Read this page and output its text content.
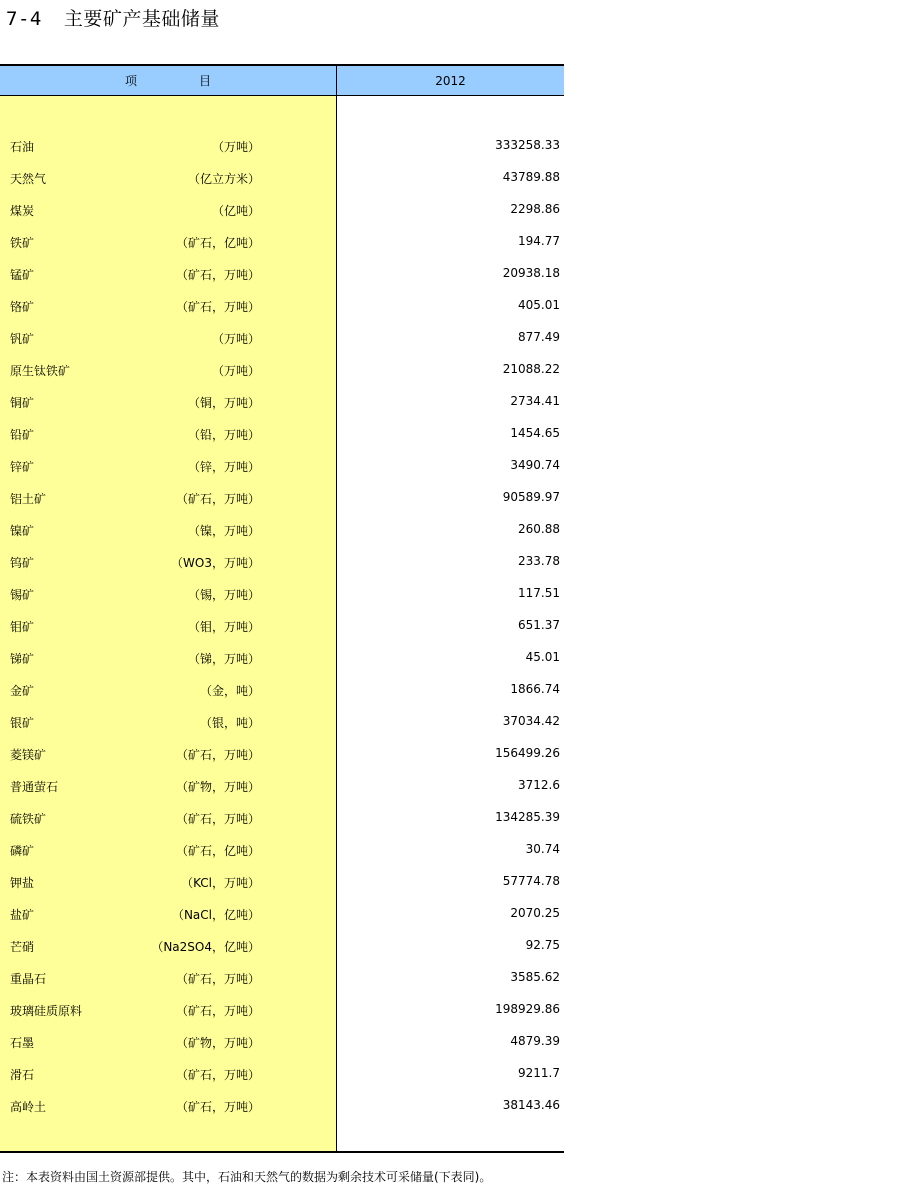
7-4 主要矿产基础储量
项目	2012
石油	（万吨）	333258.33
天然气	（亿立方米）	43789.88
煤炭	（亿吨）	2298.86
铁矿	（矿石，亿吨）	194.77
锰矿	（矿石，万吨）	20938.18
铬矿	（矿石，万吨）	405.01
钒矿	（万吨）	877.49
原生钛铁矿	（万吨）	21088.22
铜矿	（铜，万吨）	2734.41
铅矿	（铅，万吨）	1454.65
锌矿	（锌，万吨）	3490.74
铝土矿	（矿石，万吨）	90589.97
镍矿	（镍，万吨）	260.88
钨矿	（WO3，万吨）	233.78
锡矿	（锡，万吨）	117.51
钼矿	（钼，万吨）	651.37
锑矿	（锑，万吨）	45.01
金矿	（金，吨）	1866.74
银矿	（银，吨）	37034.42
菱镁矿	（矿石，万吨）	156499.26
普通萤石	（矿物，万吨）	3712.6
硫铁矿	（矿石，万吨）	134285.39
磷矿	（矿石，亿吨）	30.74
钾盐	（KCl，万吨）	57774.78
盐矿	（NaCl，亿吨）	2070.25
芒硝	（Na2SO4，亿吨）	92.75
重晶石	（矿石，万吨）	3585.62
玻璃硅质原料	（矿石，万吨）	198929.86
石墨	（矿物，万吨）	4879.39
滑石	（矿石，万吨）	9211.7
高岭土	（矿石，万吨）	38143.46
注：本表资料由国土资源部提供。其中，石油和天然气的数据为剩余技术可采储量(下表同)。
